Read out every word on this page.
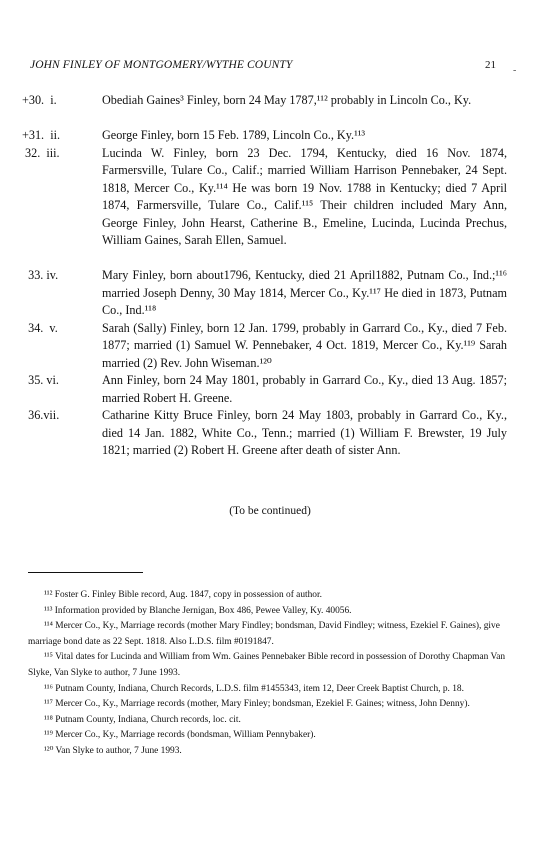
JOHN FINLEY OF MONTGOMERY/WYTHE COUNTY	21 -
+30.  i.	Obediah Gaines³ Finley, born 24 May 1787,¹¹² probably in Lincoln Co., Ky.
+31.  ii.	George Finley, born 15 Feb. 1789, Lincoln Co., Ky.¹¹³
32.  iii.	Lucinda W. Finley, born 23 Dec. 1794, Kentucky, died 16 Nov. 1874, Farmersville, Tulare Co., Calif.; married William Harrison Pennebaker, 24 Sept. 1818, Mercer Co., Ky.¹¹⁴ He was born 19 Nov. 1788 in Kentucky; died 7 April 1874, Farmersville, Tulare Co., Calif.¹¹⁵ Their children included Mary Ann, George Finley, John Hearst, Catherine B., Emeline, Lucinda, Lucinda Prechus, William Gaines, Sarah Ellen, Samuel.
33. iv.	Mary Finley, born about1796, Kentucky, died 21 April1882, Putnam Co., Ind.;¹¹⁶ married Joseph Denny, 30 May 1814, Mercer Co., Ky.¹¹⁷ He died in 1873, Putnam Co., Ind.¹¹⁸
34.  v.	Sarah (Sally) Finley, born 12 Jan. 1799, probably in Garrard Co., Ky., died 7 Feb. 1877; married (1) Samuel W. Pennebaker, 4 Oct. 1819, Mercer Co., Ky.¹¹⁹ Sarah married (2) Rev. John Wiseman.¹²⁰
35. vi.	Ann Finley, born 24 May 1801, probably in Garrard Co., Ky., died 13 Aug. 1857; married Robert H. Greene.
36.vii.	Catharine Kitty Bruce Finley, born 24 May 1803, probably in Garrard Co., Ky., died 14 Jan. 1882, White Co., Tenn.; married (1) William F. Brewster, 19 July 1821; married (2) Robert H. Greene after death of sister Ann.
(To be continued)

¹¹² Foster G. Finley Bible record, Aug. 1847, copy in possession of author.

¹¹³ Information provided by Blanche Jernigan, Box 486, Pewee Valley, Ky. 40056.

¹¹⁴ Mercer Co., Ky., Marriage records (mother Mary Findley; bondsman, David Findley; witness, Ezekiel F. Gaines), give marriage bond date as 22 Sept. 1818. Also L.D.S. film #0191847.

¹¹⁵ Vital dates for Lucinda and William from Wm. Gaines Pennebaker Bible record in possession of Dorothy Chapman Van Slyke, Van Slyke to author, 7 June 1993.

¹¹⁶ Putnam County, Indiana, Church Records, L.D.S. film #1455343, item 12, Deer Creek Baptist Church, p. 18.

¹¹⁷ Mercer Co., Ky., Marriage records (mother, Mary Finley; bondsman, Ezekiel F. Gaines; witness, John Denny).

¹¹⁸ Putnam County, Indiana, Church records, loc. cit.

¹¹⁹ Mercer Co., Ky., Marriage records (bondsman, William Pennybaker).

¹²⁰ Van Slyke to author, 7 June 1993.
